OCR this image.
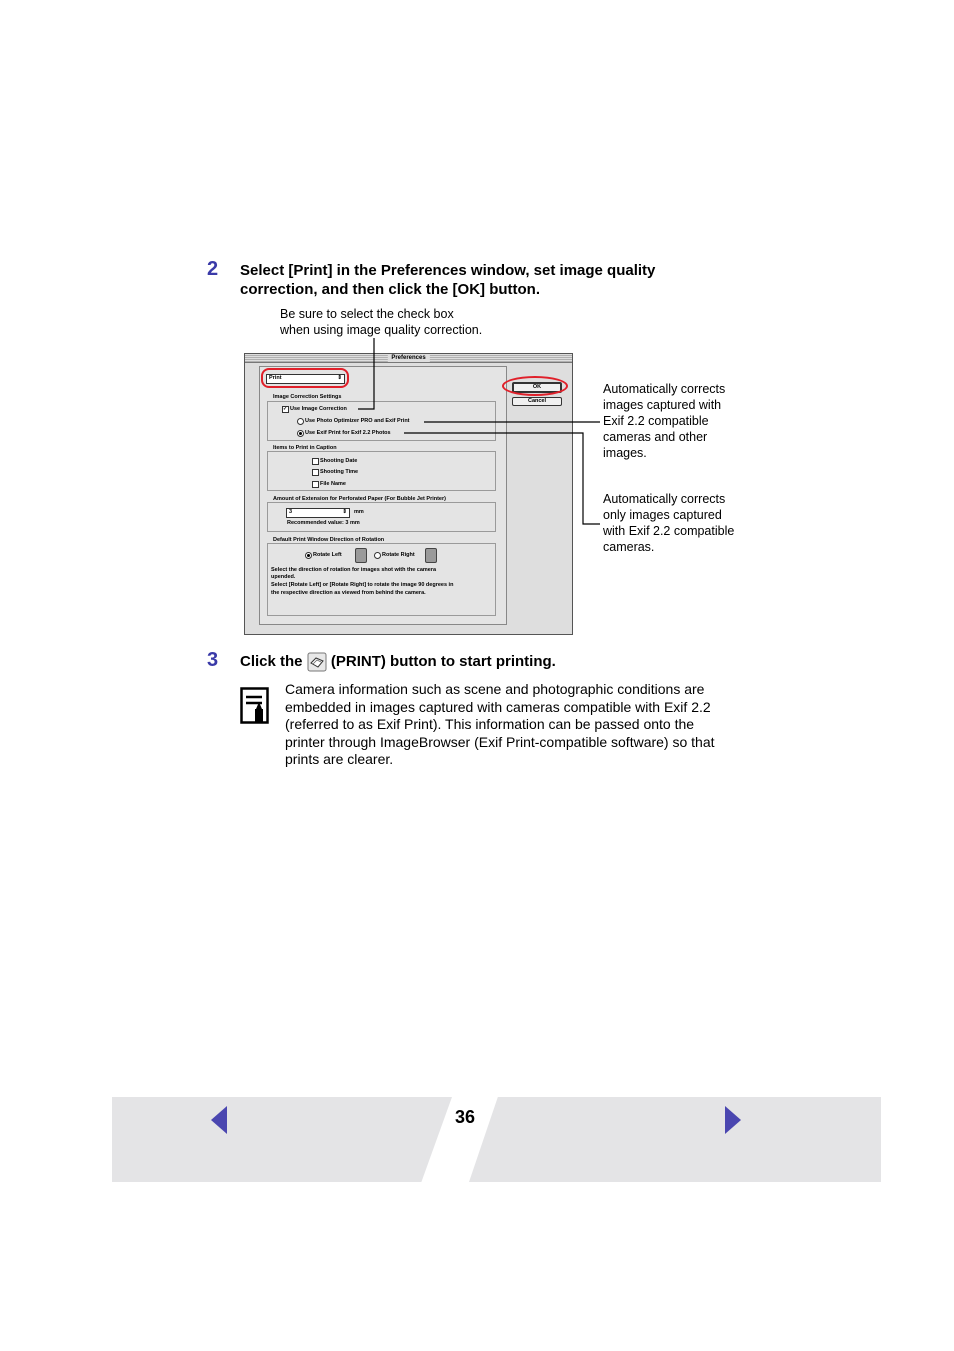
2 Select [Print] in the Preferences window, set image quality
correction, and then click the [OK] button.
Be sure to select the check box
when using image quality correction.
Preferences
Print	⇕
OK
Cancel
Image Correction Settings
✓ Use Image Correction
Use Photo Optimizer PRO and Exif Print
Use Exif Print for Exif 2.2 Photos
Items to Print in Caption
Shooting Date
Shooting Time
File Name
Amount of Extension for Perforated Paper (For Bubble Jet Printer)
3	⇕ mm
Recommended value: 3 mm
Default Print Window Direction of Rotation
Rotate Left	Rotate Right
Select the direction of rotation for images shot with the camera
upended.
Select [Rotate Left] or [Rotate Right] to rotate the image 90 degrees in
the respective direction as viewed from behind the camera.
Automatically corrects
images captured with
Exif 2.2 compatible
cameras and other
images.
Automatically corrects
only images captured
with Exif 2.2 compatible
cameras.
3 Click the (PRINT) button to start printing.
Camera information such as scene and photographic conditions are
embedded in images captured with cameras compatible with Exif 2.2
(referred to as Exif Print). This information can be passed onto the
printer through ImageBrowser (Exif Print-compatible software) so that
prints are clearer.
36
